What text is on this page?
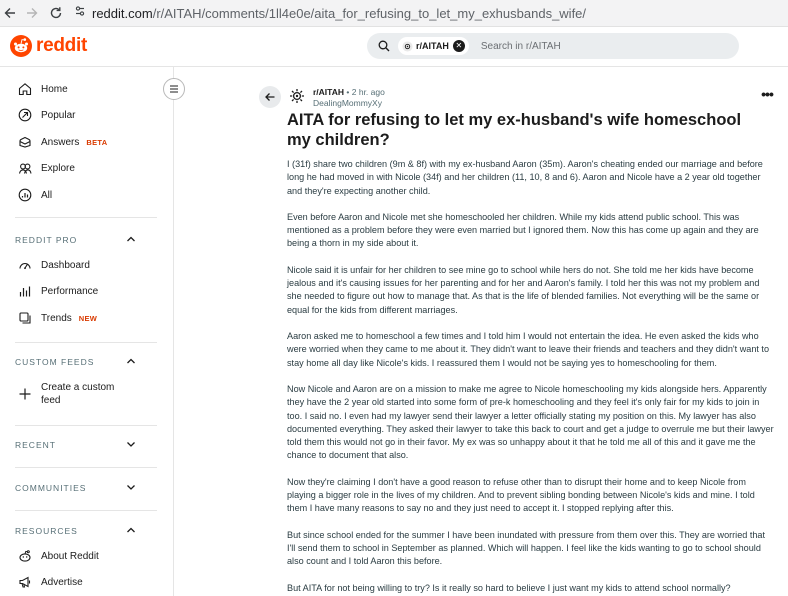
reddit.com/r/AITAH/comments/1ll4e0e/aita_for_refusing_to_let_my_exhusbands_wife/
reddit	r/AITAH ✕ Search in r/AITAH
Home
Popular
Answers BETA
Explore
All
REDDIT PRO
Dashboard
Performance
Trends NEW
CUSTOM FEEDS
Create a custom
feed
RECENT
COMMUNITIES
RESOURCES
About Reddit
Advertise
r/AITAH • 2 hr. ago
DealingMommyXy
•••
AITA for refusing to let my ex-husband's wife homeschool my children?

I (31f) share two children (9m & 8f) with my ex-husband Aaron (35m). Aaron's cheating ended our marriage and before long he had moved in with Nicole (34f) and her children (11, 10, 8 and 6). Aaron and Nicole have a 2 year old together and they're expecting another child.

Even before Aaron and Nicole met she homeschooled her children. While my kids attend public school. This was mentioned as a problem before they were even married but I ignored them. Now this has come up again and they are being a thorn in my side about it.

Nicole said it is unfair for her children to see mine go to school while hers do not. She told me her kids have become jealous and it's causing issues for her parenting and for her and Aaron's family. I told her this was not my problem and she needed to figure out how to manage that. As that is the life of blended families. Not everything will be the same or equal for the kids from different marriages.

Aaron asked me to homeschool a few times and I told him I would not entertain the idea. He even asked the kids who were worried when they came to me about it. They didn't want to leave their friends and teachers and they didn't want to stay home all day like Nicole's kids. I reassured them I would not be saying yes to homeschooling for them.

Now Nicole and Aaron are on a mission to make me agree to Nicole homeschooling my kids alongside hers. Apparently they have the 2 year old started into some form of pre-k homeschooling and they feel it's only fair for my kids to join in too. I said no. I even had my lawyer send their lawyer a letter officially stating my position on this. My lawyer has also documented everything. They asked their lawyer to take this back to court and get a judge to overrule me but their lawyer told them this would not go in their favor. My ex was so unhappy about it that he told me all of this and it gave me the chance to document that also.

Now they're claiming I don't have a good reason to refuse other than to disrupt their home and to keep Nicole from playing a bigger role in the lives of my children. And to prevent sibling bonding between Nicole's kids and mine. I told them I have many reasons to say no and they just need to accept it. I stopped replying after this.

But since school ended for the summer I have been inundated with pressure from them over this. They are worried that I'll send them to school in September as planned. Which will happen. I feel like the kids wanting to go to school should also count and I told Aaron this before.

But AITA for not being willing to try? Is it really so hard to believe I just want my kids to attend school normally?
